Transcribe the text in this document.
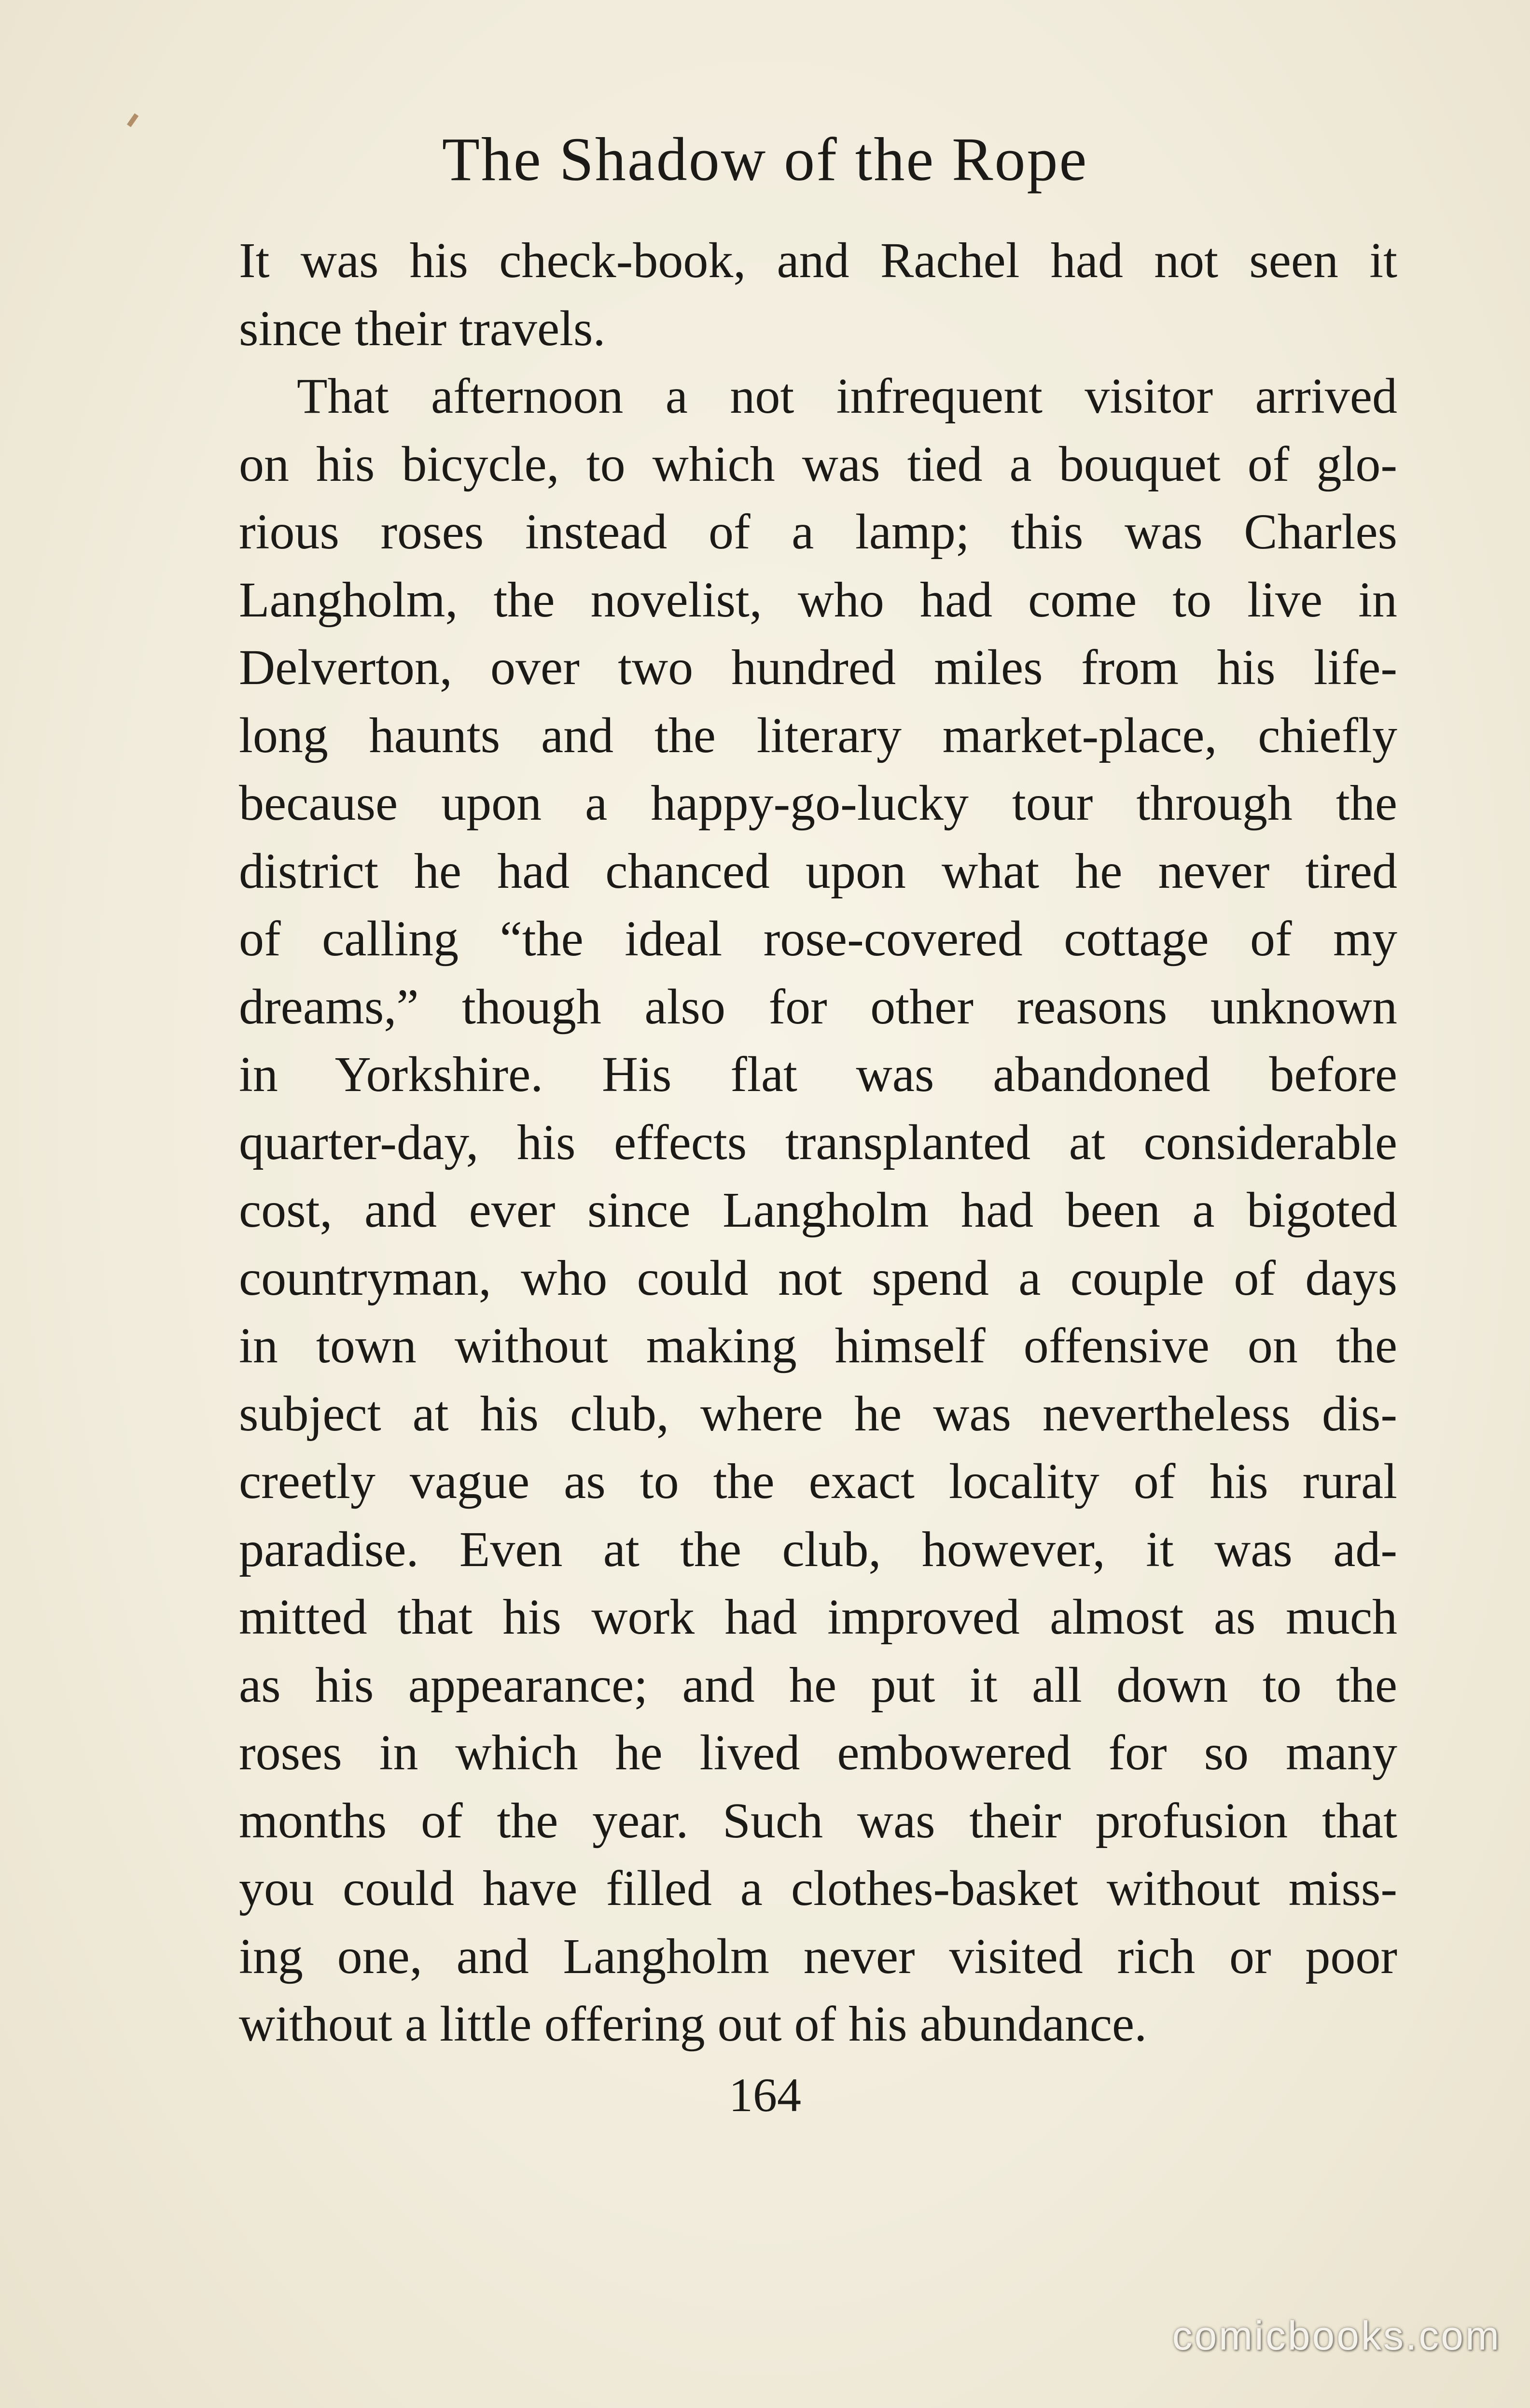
The Shadow of the Rope
It was his check-book, and Rachel had not seen it
since their travels.
That afternoon a not infrequent visitor arrived
on his bicycle, to which was tied a bouquet of glo-
rious roses instead of a lamp; this was Charles
Langholm, the novelist, who had come to live in
Delverton, over two hundred miles from his life-
long haunts and the literary market-place, chiefly
because upon a happy-go-lucky tour through the
district he had chanced upon what he never tired
of calling “the ideal rose-covered cottage of my
dreams,” though also for other reasons unknown
in Yorkshire. His flat was abandoned before
quarter-day, his effects transplanted at considerable
cost, and ever since Langholm had been a bigoted
countryman, who could not spend a couple of days
in town without making himself offensive on the
subject at his club, where he was nevertheless dis-
creetly vague as to the exact locality of his rural
paradise. Even at the club, however, it was ad-
mitted that his work had improved almost as much
as his appearance; and he put it all down to the
roses in which he lived embowered for so many
months of the year. Such was their profusion that
you could have filled a clothes-basket without miss-
ing one, and Langholm never visited rich or poor
without a little offering out of his abundance.
164
comicbooks.com
